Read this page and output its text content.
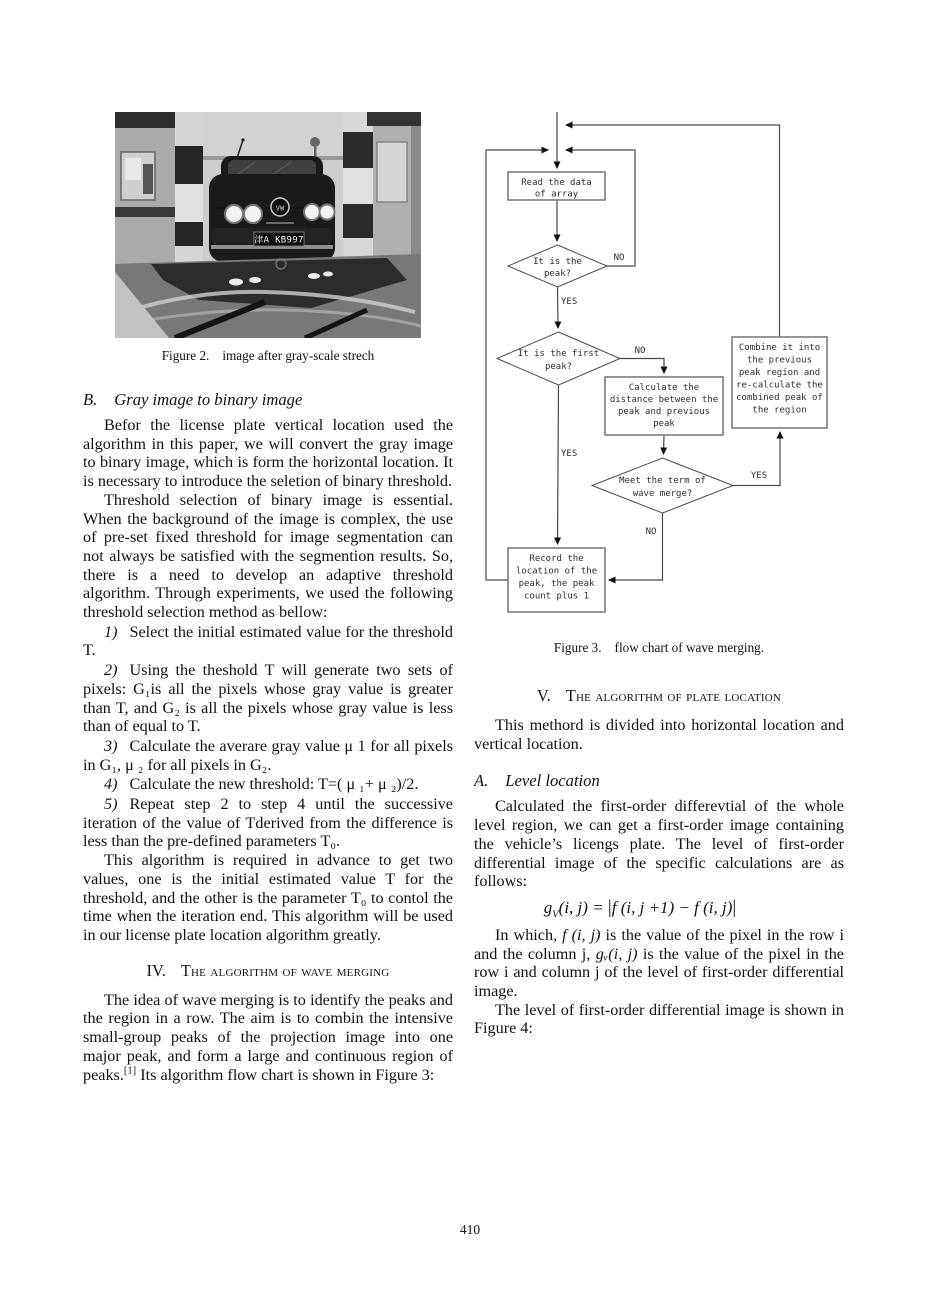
VW
津A KB997
Figure 2. image after gray-scale strech
B. Gray image to binary image

Befor the license plate vertical location used the algorithm in this paper, we will convert the gray image to binary image, which is form the horizontal location. It is necessary to introduce the seletion of binary threshold.

Threshold selection of binary image is essential. When the background of the image is complex, the use of pre-set fixed threshold for image segmentation can not always be satisfied with the segmention results. So, there is a need to develop an adaptive threshold algorithm. Through experiments, we used the following threshold selection method as bellow:

1) Select the initial estimated value for the threshold T.

2) Using the theshold T will generate two sets of pixels: G₁is all the pixels whose gray value is greater than T, and G₂ is all the pixels whose gray value is less than of equal to T.

3) Calculate the averare gray value μ 1 for all pixels in G₁, μ ₂ for all pixels in G₂.

4) Calculate the new threshold: T=( μ ₁+ μ ₂)/2.

5) Repeat step 2 to step 4 until the successive iteration of the value of Tderived from the difference is less than the pre-defined parameters T₀.

This algorithm is required in advance to get two values, one is the initial estimated value T for the threshold, and the other is the parameter T₀ to contol the time when the iteration end. This algorithm will be used in our license plate location algorithm greatly.

IV. The algorithm of wave merging

The idea of wave merging is to identify the peaks and the region in a row. The aim is to combin the intensive small-group peaks of the projection image into one major peak, and form a large and continuous region of peaks.[1] Its algorithm flow chart is shown in Figure 3:

Read the data
of array
It is the
peak?
It is the first
peak?
Calculate the
distance between the
peak and previous
peak
Meet the term of
wave merge?
Combine it into
the previous
peak region and
re-calculate the
combined peak of
the region
Record the
location of the
peak, the peak
count plus 1
NO
YES
NO
YES
YES
NO
Figure 3. flow chart of wave merging.
V. The algorithm of plate location

This methord is divided into horizontal location and vertical location.

A. Level location

Calculated the first-order differevtial of the whole level region, we can get a first-order image containing the vehicle’s licengs plate. The level of first-order differential image of the specific calculations are as follows:

$g_V(i$, j) = |f (i, j +1) − f (i, j)|

In which, f (i, j) is the value of the pixel in the row i and the column j, gᵥ(i, j) is the value of the pixel in the row i and column j of the level of first-order differential image.

The level of first-order differential image is shown in Figure 4:

410
